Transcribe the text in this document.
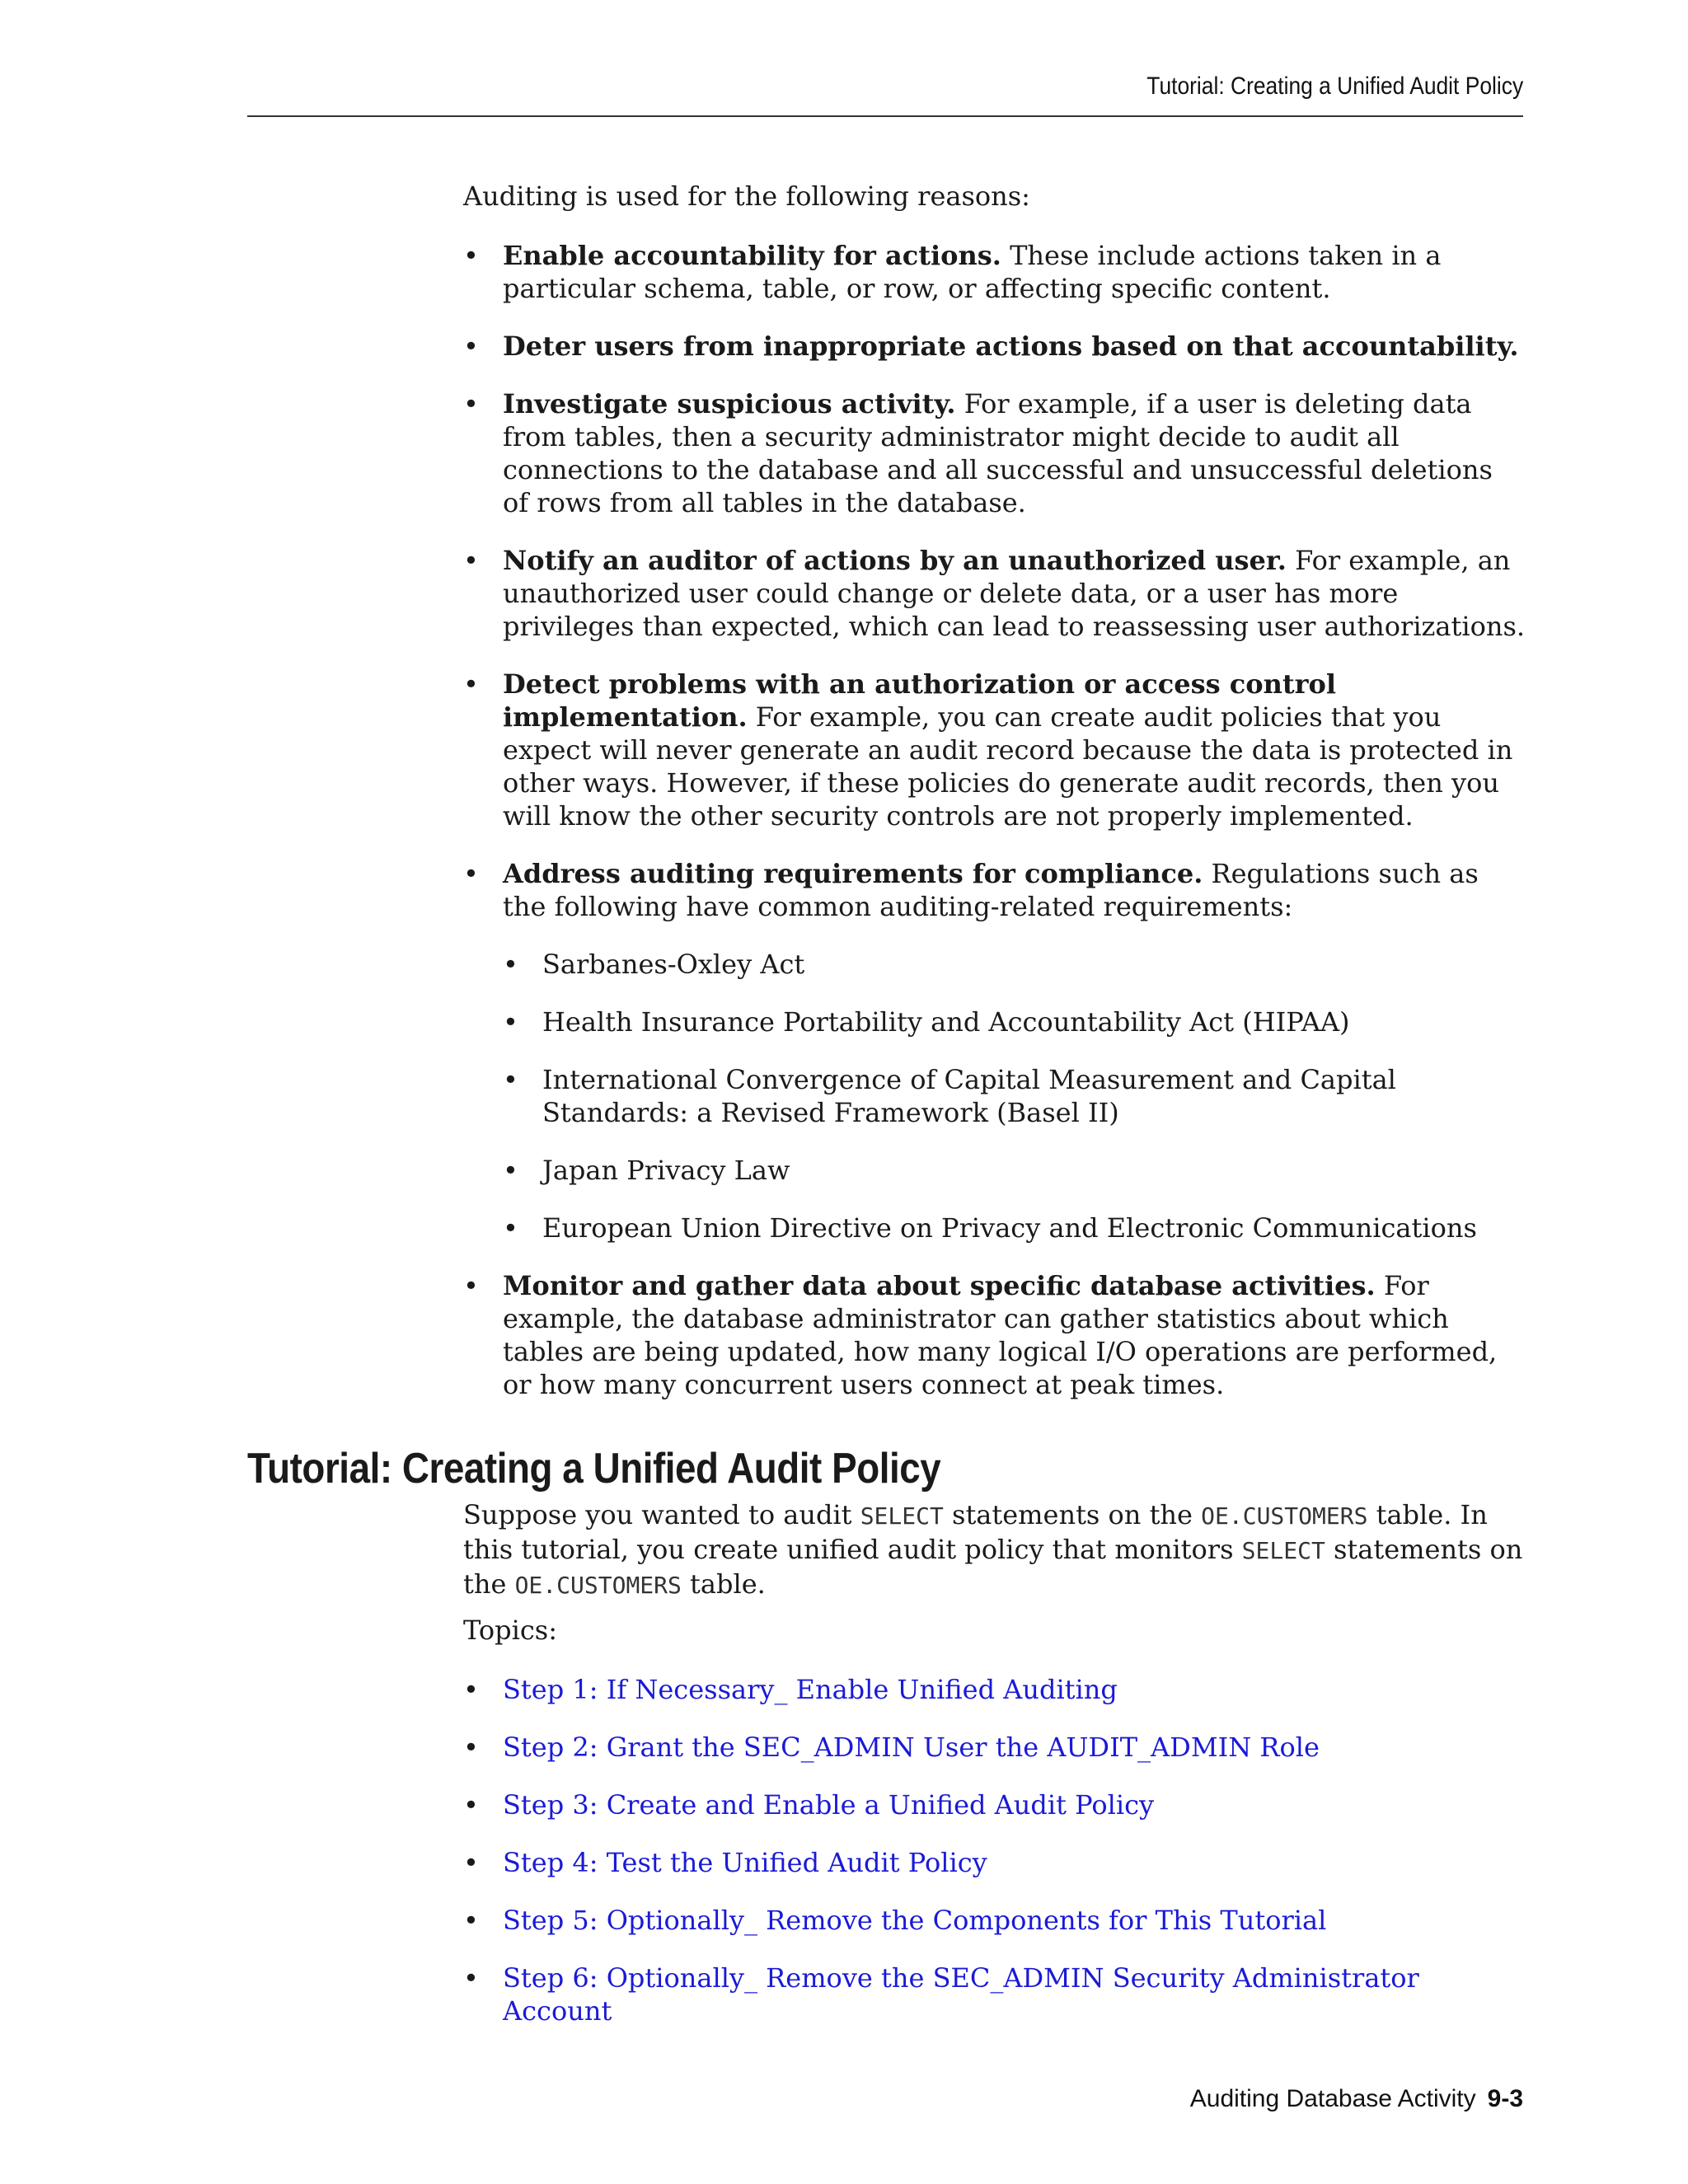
Tutorial: Creating a Unified Audit Policy
Auditing is used for the following reasons:
• Enable accountability for actions. These include actions taken in a particular schema, table, or row, or affecting specific content.
• Deter users from inappropriate actions based on that accountability.
• Investigate suspicious activity. For example, if a user is deleting data from tables, then a security administrator might decide to audit all connections to the database and all successful and unsuccessful deletions of rows from all tables in the database.
• Notify an auditor of actions by an unauthorized user. For example, an unauthorized user could change or delete data, or a user has more privileges than expected, which can lead to reassessing user authorizations.
• Detect problems with an authorization or access control implementation. For example, you can create audit policies that you expect will never generate an audit record because the data is protected in other ways. However, if these policies do generate audit records, then you will know the other security controls are not properly implemented.
• Address auditing requirements for compliance. Regulations such as the following have common auditing-related requirements:
• Sarbanes-Oxley Act
• Health Insurance Portability and Accountability Act (HIPAA)
• International Convergence of Capital Measurement and Capital Standards: a Revised Framework (Basel II)
• Japan Privacy Law
• European Union Directive on Privacy and Electronic Communications
• Monitor and gather data about specific database activities. For example, the database administrator can gather statistics about which tables are being updated, how many logical I/O operations are performed, or how many concurrent users connect at peak times.
Tutorial: Creating a Unified Audit Policy
Suppose you wanted to audit SELECT statements on the OE.CUSTOMERS table. In this tutorial, you create unified audit policy that monitors SELECT statements on the OE.CUSTOMERS table.
Topics:
• Step 1: If Necessary_ Enable Unified Auditing
• Step 2: Grant the SEC_ADMIN User the AUDIT_ADMIN Role
• Step 3: Create and Enable a Unified Audit Policy
• Step 4: Test the Unified Audit Policy
• Step 5: Optionally_ Remove the Components for This Tutorial
• Step 6: Optionally_ Remove the SEC_ADMIN Security Administrator Account
Auditing Database Activity 9-3
